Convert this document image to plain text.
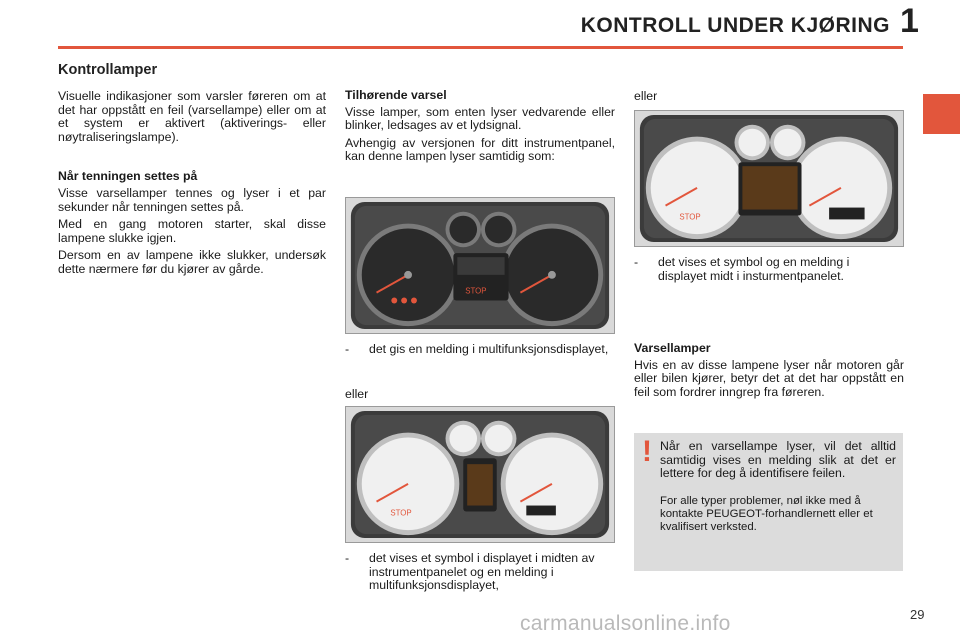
KONTROLL UNDER KJØRING 1
Kontrollamper

Visuelle indikasjoner som varsler føreren om at det har oppstått en feil (varsellampe) eller om at et system er aktivert (aktiverings- eller nøytraliseringslampe).

Når tenningen settes på

Visse varsellamper tennes og lyser i et par sekunder når tenningen settes på.

Med en gang motoren starter, skal disse lampene slukke igjen.

Dersom en av lampene ikke slukker, undersøk dette nærmere før du kjører av gårde.

Tilhørende varsel

Visse lamper, som enten lyser vedvarende eller blinker, ledsages av et lydsignal.

Avhengig av versjonen for ditt instrumentpanel, kan denne lampen lyser samtidig som:

STOP
- det gis en melding i multifunksjonsdisplayet,
eller
STOP
- det vises et symbol i displayet i midten av instrumentpanelet og en melding i multifunksjonsdisplayet,
eller
STOP
- det vises et symbol og en melding i displayet midt i insturmentpanelet.
Varsellamper

Hvis en av disse lampene lyser når motoren går eller bilen kjører, betyr det at det har oppstått en feil som fordrer inngrep fra føreren.

! Når en varsellampe lyser, vil det alltid samtidig vises en melding slik at det er lettere for deg å identifisere feilen.
For alle typer problemer, nøl ikke med å kontakte PEUGEOT-forhandlernett eller et kvalifisert verksted.
29
carmanualsonline.info
